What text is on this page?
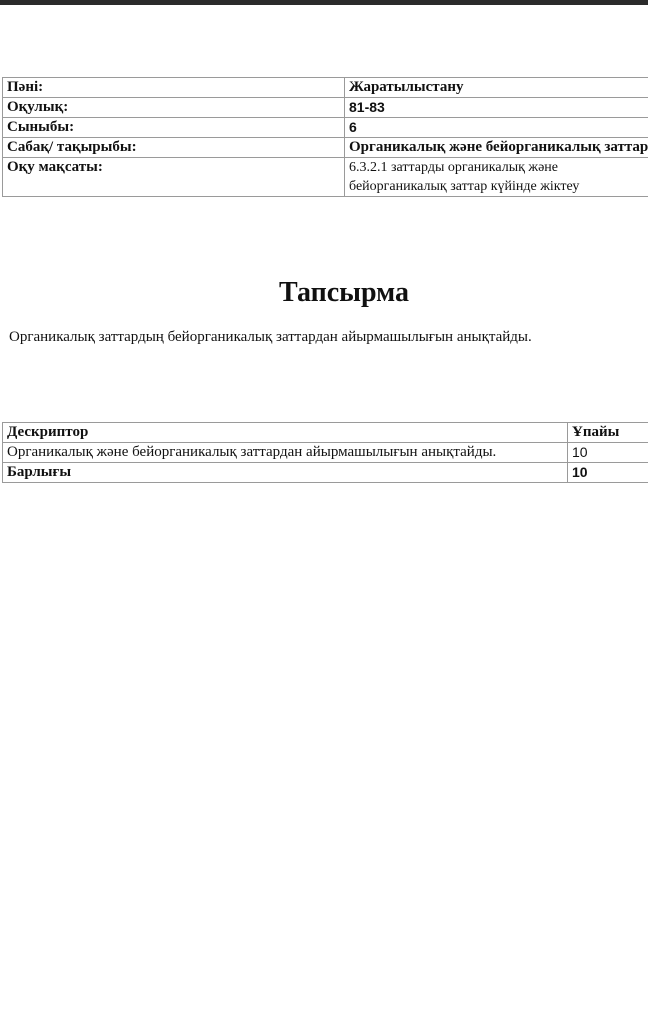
Пәні:	Жаратылыстану
Оқулық:	81-83
Сыныбы:	6
Сабақ/ тақырыбы:	Органикалық және бейорганикалық заттар
Оқу мақсаты:	6.3.2.1 заттарды органикалық және бейорганикалық заттар күйінде жіктеу
Тапсырма

Органикалық заттардың бейорганикалық заттардан айырмашылығын анықтайды.

Дескриптор	Ұпайы
Органикалық және бейорганикалық заттардан айырмашылығын анықтайды.	10
Барлығы	10
